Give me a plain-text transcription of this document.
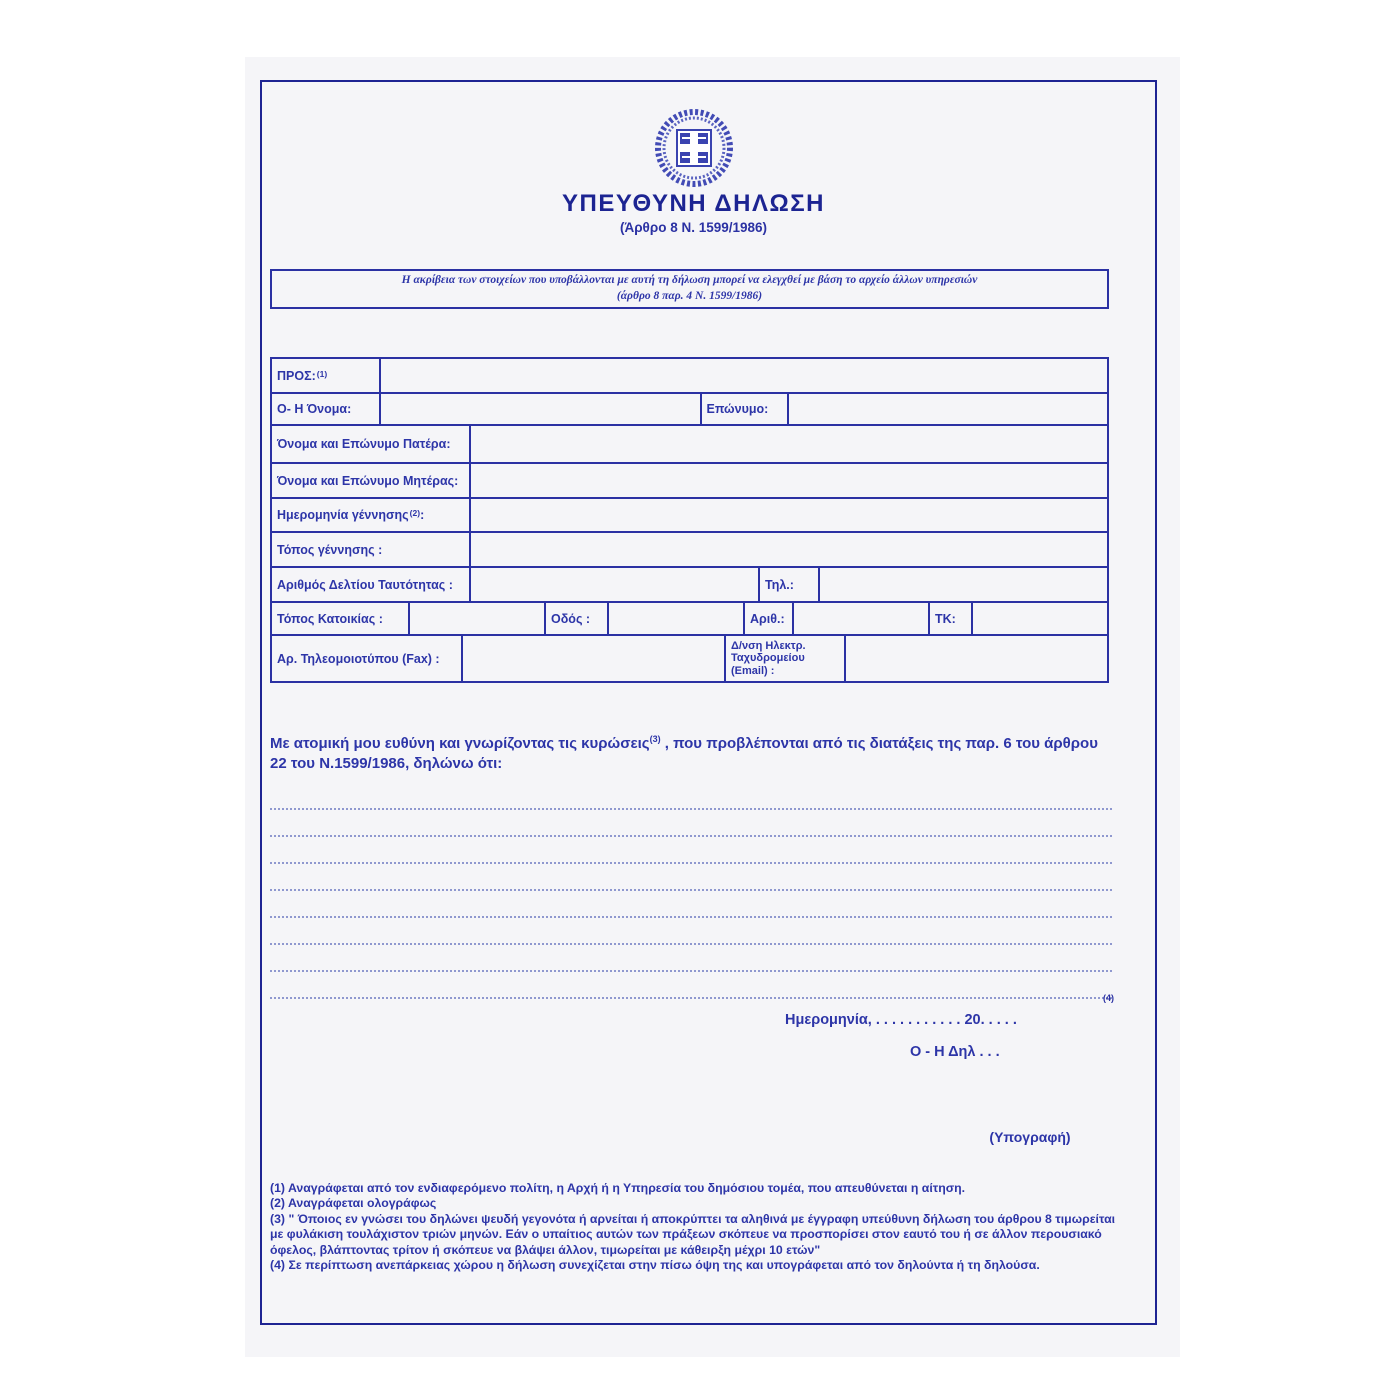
ΥΠΕΥΘΥΝΗ ΔΗΛΩΣΗ
(Άρθρο 8 Ν. 1599/1986)
Η ακρίβεια των στοιχείων που υποβάλλονται με αυτή τη δήλωση μπορεί να ελεγχθεί με βάση το αρχείο άλλων υπηρεσιών
(άρθρο 8 παρ. 4 Ν. 1599/1986)
ΠΡΟΣ: (1)
Ο- Η Όνομα:	Επώνυμο:
Όνομα και Επώνυμο Πατέρα:
Όνομα και Επώνυμο Μητέρας:
Ημερομηνία γέννησης (2) :
Τόπος γέννησης :
Αριθμός Δελτίου Ταυτότητας :	Τηλ.:
Τόπος Κατοικίας :	Οδός :	Αριθ.:	ΤΚ:
Αρ. Τηλεομοιοτύπου (Fax) :
Δ/νση Ηλεκτρ. Ταχυδρομείου (Email) :
Με ατομική μου ευθύνη και γνωρίζοντας τις κυρώσεις$^{(3)}$ , που προβλέπονται από τις διατάξεις της παρ. 6 του άρθρου 22 του Ν.1599/1986, δηλώνω ότι:
(4)
Ημερομηνία, . . . . . . . . . . . 20. . . . .
Ο - Η Δηλ . . .
(Υπογραφή)

(1) Αναγράφεται από τον ενδιαφερόμενο πολίτη, η Αρχή ή η Υπηρεσία του δημόσιου τομέα, που απευθύνεται η αίτηση.

(2) Αναγράφεται ολογράφως

(3) " Όποιος εν γνώσει του δηλώνει ψευδή γεγονότα ή αρνείται ή αποκρύπτει τα αληθινά με έγγραφη υπεύθυνη δήλωση του άρθρου 8 τιμωρείται με φυλάκιση τουλάχιστον τριών μηνών. Εάν ο υπαίτιος αυτών των πράξεων σκόπευε να προσπορίσει στον εαυτό του ή σε άλλον περουσιακό όφελος, βλάπτοντας τρίτον ή σκόπευε να βλάψει άλλον, τιμωρείται με κάθειρξη μέχρι 10 ετών"

(4) Σε περίπτωση ανεπάρκειας χώρου η δήλωση συνεχίζεται στην πίσω όψη της και υπογράφεται από τον δηλούντα ή τη δηλούσα.
